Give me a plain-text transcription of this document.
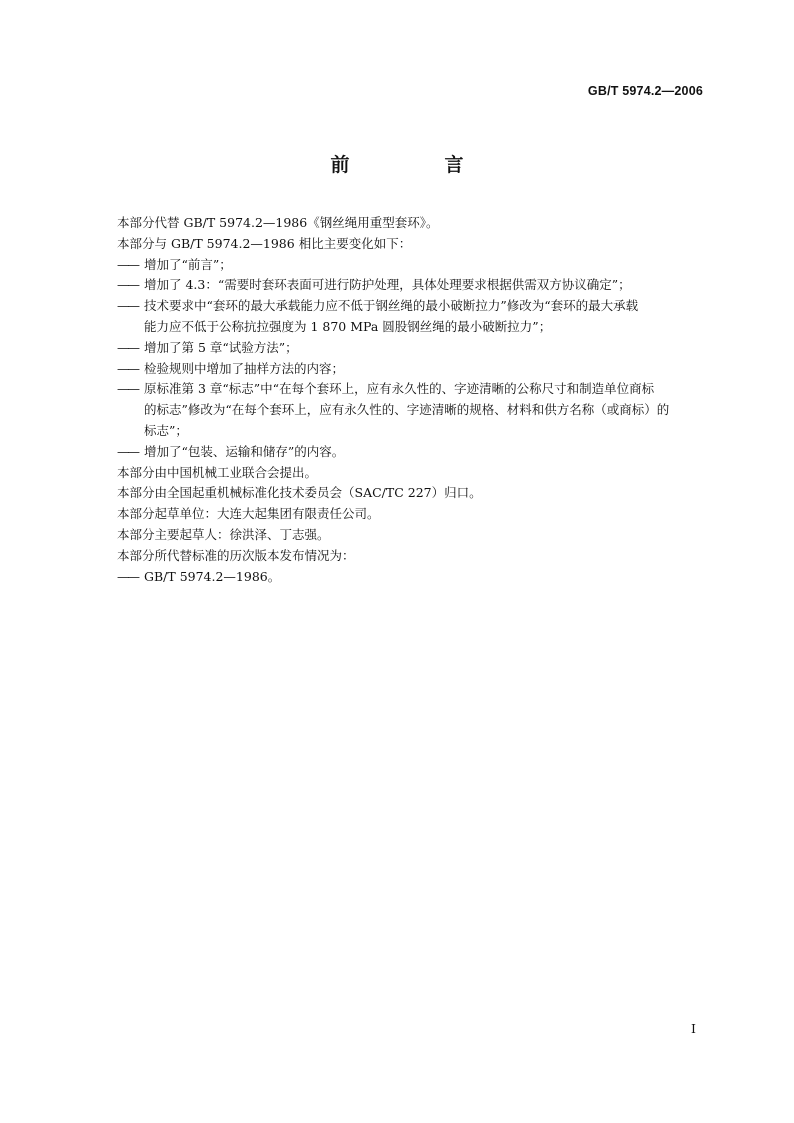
GB/T 5974.2—2006
前　言

本部分代替 GB/T 5974.2—1986《钢丝绳用重型套环》。

本部分与 GB/T 5974.2—1986 相比主要变化如下：

—— 增加了“前言”；

—— 增加了 4.3：“需要时套环表面可进行防护处理，具体处理要求根据供需双方协议确定”；

—— 技术要求中“套环的最大承载能力应不低于钢丝绳的最小破断拉力”修改为“套环的最大承载
能力应不低于公称抗拉强度为 1 870 MPa 圆股钢丝绳的最小破断拉力”；

—— 增加了第 5 章“试验方法”；

—— 检验规则中增加了抽样方法的内容；

—— 原标准第 3 章“标志”中“在每个套环上，应有永久性的、字迹清晰的公称尺寸和制造单位商标
的标志”修改为“在每个套环上，应有永久性的、字迹清晰的规格、材料和供方名称（或商标）的
标志”；

—— 增加了“包装、运输和储存”的内容。

本部分由中国机械工业联合会提出。

本部分由全国起重机械标准化技术委员会（SAC/TC 227）归口。

本部分起草单位：大连大起集团有限责任公司。

本部分主要起草人：徐洪泽、丁志强。

本部分所代替标准的历次版本发布情况为：

—— GB/T 5974.2—1986。

I
